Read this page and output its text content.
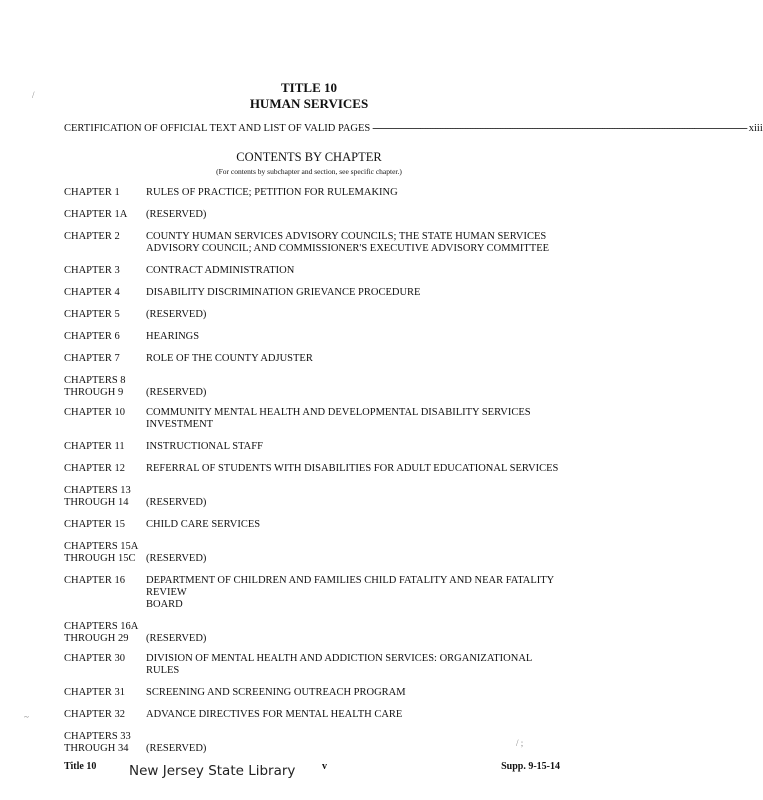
TITLE 10
HUMAN SERVICES
CERTIFICATION OF OFFICIAL TEXT AND LIST OF VALID PAGES ------------------------------------------------------------------------------------------------------------------------------------------------------ xiii
CONTENTS BY CHAPTER
(For contents by subchapter and section, see specific chapter.)
CHAPTER 1	RULES OF PRACTICE; PETITION FOR RULEMAKING
CHAPTER 1A	(RESERVED)
CHAPTER 2	COUNTY HUMAN SERVICES ADVISORY COUNCILS; THE STATE HUMAN SERVICES
ADVISORY COUNCIL; AND COMMISSIONER'S EXECUTIVE ADVISORY COMMITTEE
CHAPTER 3	CONTRACT ADMINISTRATION
CHAPTER 4	DISABILITY DISCRIMINATION GRIEVANCE PROCEDURE
CHAPTER 5	(RESERVED)
CHAPTER 6	HEARINGS
CHAPTER 7	ROLE OF THE COUNTY ADJUSTER
CHAPTERS 8
THROUGH 9	(RESERVED)
CHAPTER 10	COMMUNITY MENTAL HEALTH AND DEVELOPMENTAL DISABILITY SERVICES
INVESTMENT
CHAPTER 11	INSTRUCTIONAL STAFF
CHAPTER 12	REFERRAL OF STUDENTS WITH DISABILITIES FOR ADULT EDUCATIONAL SERVICES
CHAPTERS 13
THROUGH 14	(RESERVED)
CHAPTER 15	CHILD CARE SERVICES
CHAPTERS 15A
THROUGH 15C	(RESERVED)
CHAPTER 16	DEPARTMENT OF CHILDREN AND FAMILIES CHILD FATALITY AND NEAR FATALITY REVIEW
BOARD
CHAPTERS 16A
THROUGH 29	(RESERVED)
CHAPTER 30	DIVISION OF MENTAL HEALTH AND ADDICTION SERVICES: ORGANIZATIONAL RULES
CHAPTER 31	SCREENING AND SCREENING OUTREACH PROGRAM
CHAPTER 32	ADVANCE DIRECTIVES FOR MENTAL HEALTH CARE
CHAPTERS 33
THROUGH 34	(RESERVED)
Title 10 New Jersey State Library	v	Supp. 9-15-14
/
~
/ ;
